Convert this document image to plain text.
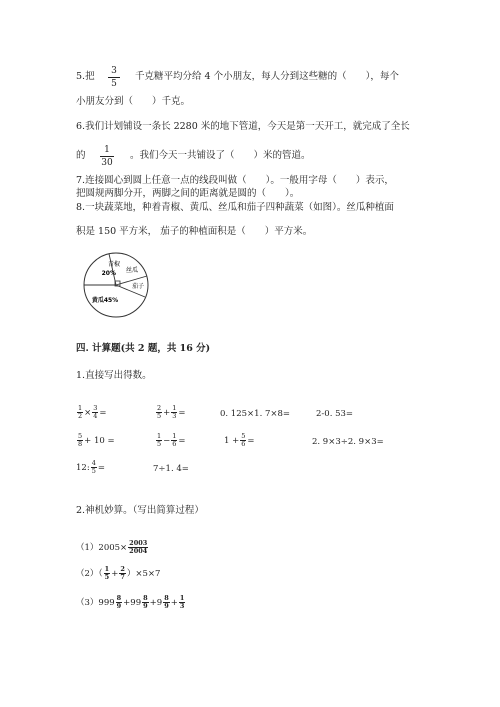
5.把	3
5
千克糖平均分给 4 个小朋友，每人分到这些糖的（　　），每个
小朋友分到（　　）千克。
6.我们计划铺设一条长 2280 米的地下管道，今天是第一天开工，就完成了全长
的	1
30
。我们今天一共铺设了（　　）米的管道。
7.连接圆心到圆上任意一点的线段叫做（　　）。一般用字母（　　）表示，
把圆规两脚分开，两脚之间的距离就是圆的（　　）。
8.一块蔬菜地，种着青椒、黄瓜、丝瓜和茄子四种蔬菜（如图）。丝瓜种植面
积是 150 平方米， 茄子的种植面积是（　　）平方米。
青椒
20%
茄子
丝瓜
黄瓜45%
四. 计算题(共 2 题，共 16 分)
1.直接写出得数。
$\frac{1}{2} \times \frac{3}{4}$ =	$\frac{2}{5} + \frac{1}{3}$ =	0. 125×1. 7×8=	2-0. 53=
$\frac{5}{8} + 10$ =	$\frac{1}{5} - \frac{1}{6}$ =	$1 + \frac{5}{6}$ =	2. 9×3÷2. 9×3=
12: $\frac{4}{5}$ =	7÷1. 4=
2.神机妙算。（写出简算过程）
$(1)2005\times \frac{2003}{2004}$
$(2)( \frac{1}{5} + \frac{2}{7} )\times 5\times 7$
$(3)999 \frac{8}{9} +99 \frac{8}{9} +9 \frac{8}{9} + \frac{1}{3}$
